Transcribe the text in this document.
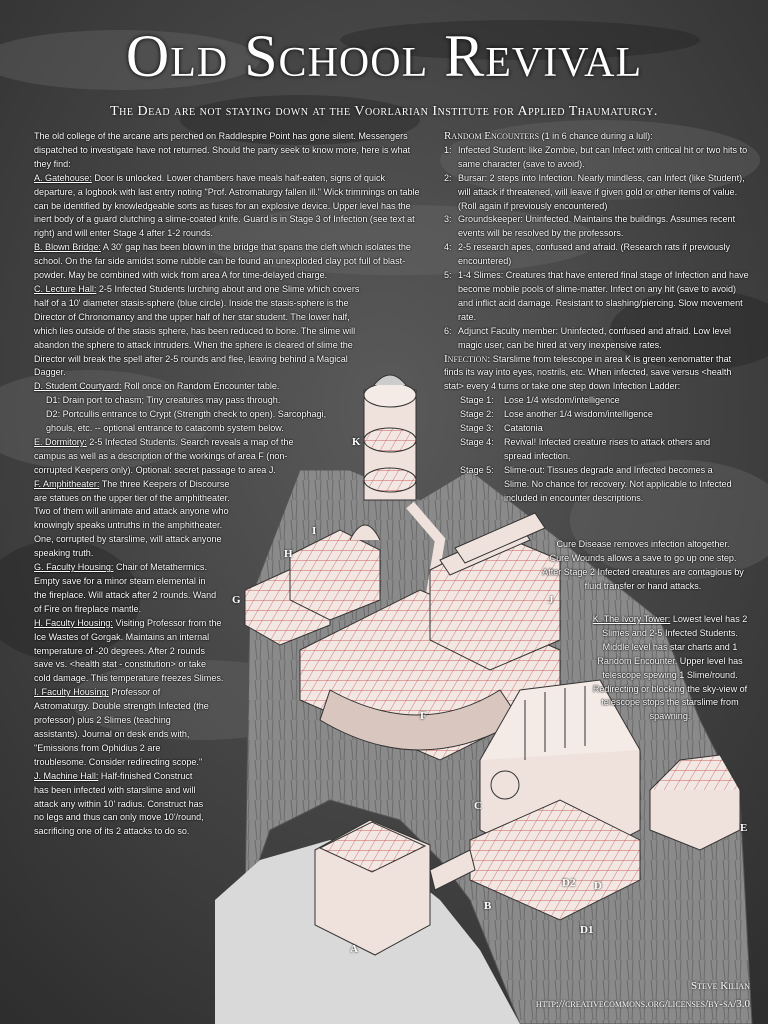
Old School Revival
The Dead are not staying down at the Voorlarian Institute for Applied Thaumaturgy.

The old college of the arcane arts perched on Raddlespire Point has gone silent. Messengers dispatched to investigate have not returned. Should the party seek to know more, here is what they find:

A. Gatehouse: Door is unlocked. Lower chambers have meals half-eaten, signs of quick departure, a logbook with last entry noting "Prof. Astromaturgy fallen ill." Wick trimmings on table can be identified by knowledgeable sorts as fuses for an explosive device. Upper level has the inert body of a guard clutching a slime-coated knife. Guard is in Stage 3 of Infection (see text at right) and will enter Stage 4 after 1-2 rounds.

B. Blown Bridge: A 30' gap has been blown in the bridge that spans the cleft which isolates the school. On the far side amidst some rubble can be found an unexploded clay pot full of blast-powder. May be combined with wick from area A for time-delayed charge.

C. Lecture Hall: 2-5 Infected Students lurching about and one Slime which covers half of a 10' diameter stasis-sphere (blue circle). Inside the stasis-sphere is the Director of Chronomancy and the upper half of her star student. The lower half, which lies outside of the stasis sphere, has been reduced to bone. The slime will abandon the sphere to attack intruders. When the sphere is cleared of slime the Director will break the spell after 2-5 rounds and flee, leaving behind a Magical Dagger.

D. Student Courtyard: Roll once on Random Encounter table.

D1: Drain port to chasm; Tiny creatures may pass through.

D2: Portcullis entrance to Crypt (Strength check to open). Sarcophagi, ghouls, etc. -- optional entrance to catacomb system below.

E. Dormitory: 2-5 Infected Students. Search reveals a map of the campus as well as a description of the workings of area F (non-corrupted Keepers only). Optional: secret passage to area J.

F. Amphitheater: The three Keepers of Discourse are statues on the upper tier of the amphitheater. Two of them will animate and attack anyone who knowingly speaks untruths in the amphitheater. One, corrupted by starslime, will attack anyone speaking truth.

G. Faculty Housing: Chair of Metathermics. Empty save for a minor steam elemental in the fireplace. Will attack after 2 rounds. Wand of Fire on fireplace mantle.

H. Faculty Housing: Visiting Professor from the Ice Wastes of Gorgak. Maintains an internal temperature of -20 degrees. After 2 rounds save vs. <health stat - constitution> or take cold damage. This temperature freezes Slimes.

I. Faculty Housing: Professor of Astromaturgy. Double strength Infected (the professor) plus 2 Slimes (teaching assistants). Journal on desk ends with, "Emissions from Ophidius 2 are troublesome. Consider redirecting scope."

J. Machine Hall: Half-finished Construct has been infected with starslime and will attack any within 10' radius. Construct has no legs and thus can only move 10'/round, sacrificing one of its 2 attacks to do so.

Random Encounters (1 in 6 chance during a lull):

1: Infected Student: like Zombie, but can Infect with critical hit or two hits to same character (save to avoid).
2: Bursar: 2 steps into Infection. Nearly mindless, can Infect (like Student), will attack if threatened, will leave if given gold or other items of value. (Roll again if previously encountered)
3: Groundskeeper: Uninfected. Maintains the buildings. Assumes recent events will be resolved by the professors.
4: 2-5 research apes, confused and afraid. (Research rats if previously encountered)
5: 1-4 Slimes: Creatures that have entered final stage of Infection and have become mobile pools of slime-matter. Infect on any hit (save to avoid) and inflict acid damage. Resistant to slashing/piercing. Slow movement rate.
6: Adjunct Faculty member: Uninfected, confused and afraid. Low level magic user, can be hired at very inexpensive rates.

Infection: Starslime from telescope in area K is green xenomatter that finds its way into eyes, nostrils, etc. When infected, save versus <health stat> every 4 turns or take one step down Infection Ladder:

Stage 1:	Lose 1/4 wisdom/intelligence
Stage 2:	Lose another 1/4 wisdom/intelligence
Stage 3:	Catatonia
Stage 4:	Revival! Infected creature rises to attack others and spread infection.
Stage 5:	Slime-out: Tissues degrade and Infected becomes a Slime. No chance for recovery. Not applicable to Infected included in encounter descriptions.

Cure Disease removes infection altogether.

Cure Wounds allows a save to go up one step. After Stage 2 Infected creatures are contagious by fluid transfer or hand attacks.

K. The Ivory Tower: Lowest level has 2 Slimes and 2-5 Infected Students. Middle level has star charts and 1 Random Encounter. Upper level has telescope spewing 1 Slime/round. Redirecting or blocking the sky-view of telescope stops the starslime from spawning.
K
I
H
G	J
F
C
E
D2 D
B
D1
A
Steve Kilian
http://creativecommons.org/licenses/by-sa/3.0
